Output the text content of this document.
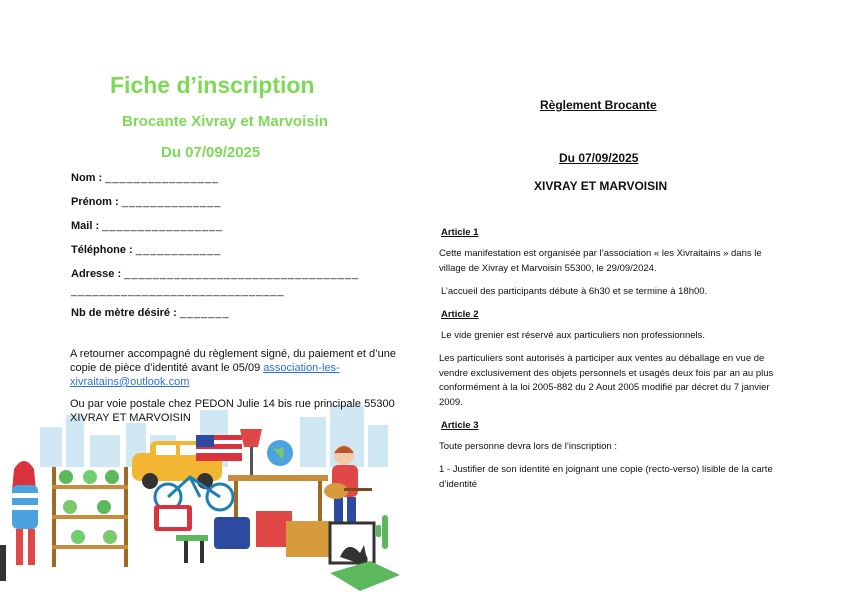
Fiche d’inscription
Brocante Xivray et Marvoisin
Du 07/09/2025
Nom : ________________
Prénom : ______________
Mail : _________________
Téléphone : ____________
Adresse : _________________________________
______________________________
Nb de mètre désiré : _______
A retourner accompagné du règlement signé, du paiement et d’une copie de pièce d’identité avant le 05/09 association-les-xivraitains@outlook.com
Ou par voie postale chez PEDON Julie 14 bis rue principale 55300 XIVRAY ET MARVOISIN
Règlement Brocante
Du 07/09/2025
XIVRAY ET MARVOISIN
Article 1
Cette manifestation est organisée par l’association « les Xivraitains » dans le village de Xivray et Marvoisin 55300, le 29/09/2024.
L’accueil des participants débute à 6h30 et se termine à 18h00.
Article 2
Le vide grenier est réservé aux particuliers non professionnels.
Les particuliers sont autorisés à participer aux ventes au déballage en vue de vendre exclusivement des objets personnels et usagés deux fois par an au plus conformément à la loi 2005-882 du 2 Aout 2005 modifié par décret du 7 janvier 2009.
Article 3
Toute personne devra lors de l’inscription :
1 - Justifier de son identité en joignant une copie (recto-verso) lisible de la carte d’identité
